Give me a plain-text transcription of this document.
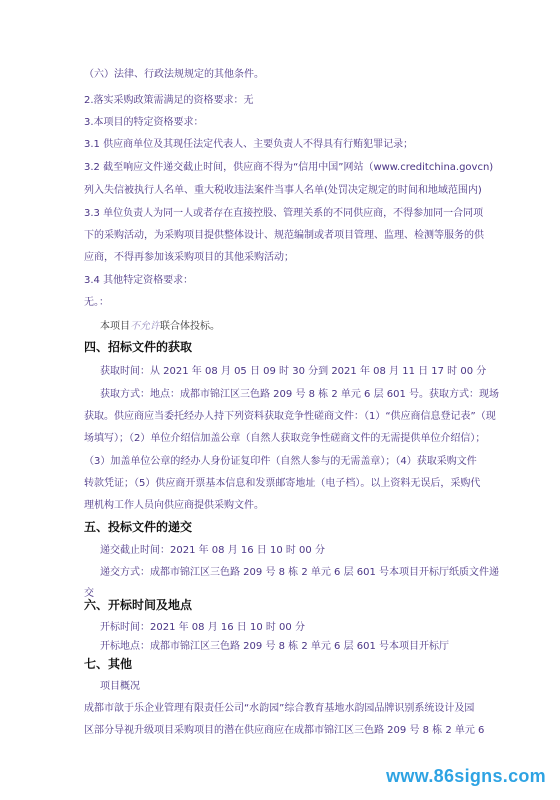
（六）法律、行政法规规定的其他条件。
2.落实采购政策需满足的资格要求：无
3.本项目的特定资格要求：
3.1 供应商单位及其现任法定代表人、主要负责人不得具有行贿犯罪记录；
3.2 截至响应文件递交截止时间，供应商不得为“信用中国”网站（www.creditchina.govcn)
列入失信被执行人名单、重大税收违法案件当事人名单(处罚决定规定的时间和地域范围内)
3.3 单位负责人为同一人或者存在直接控股、管理关系的不同供应商，不得参加同一合同项
下的采购活动，为采购项目提供整体设计、规范编制或者项目管理、监理、检测等服务的供
应商，不得再参加该采购项目的其他采购活动；
3.4 其他特定资格要求：
无。：
本项目不允许联合体投标。
四、招标文件的获取
获取时间：从 2021 年 08 月 05 日 09 时 30 分到 2021 年 08 月 11 日 17 时 00 分
获取方式：地点：成都市锦江区三色路 209 号 8 栋 2 单元 6 层 601 号。获取方式：现场
获取。供应商应当委托经办人持下列资料获取竞争性磋商文件：（1）“供应商信息登记表”（现
场填写）；（2）单位介绍信加盖公章（自然人获取竞争性磋商文件的无需提供单位介绍信）；
（3）加盖单位公章的经办人身份证复印件（自然人参与的无需盖章）；（4）获取采购文件
转款凭证；（5）供应商开票基本信息和发票邮寄地址（电子档）。以上资料无误后，采购代
理机构工作人员向供应商提供采购文件。
五、投标文件的递交
递交截止时间：2021 年 08 月 16 日 10 时 00 分
递交方式：成都市锦江区三色路 209 号 8 栋 2 单元 6 层 601 号本项目开标厅纸质文件递
交
六、开标时间及地点
开标时间：2021 年 08 月 16 日 10 时 00 分
开标地点：成都市锦江区三色路 209 号 8 栋 2 单元 6 层 601 号本项目开标厅
七、其他
项目概况
成都市歆于乐企业管理有限责任公司“水韵园”综合教育基地水韵园品牌识别系统设计及园
区部分导视升级项目采购项目的潜在供应商应在成都市锦江区三色路 209 号 8 栋 2 单元 6
www.86signs.com
